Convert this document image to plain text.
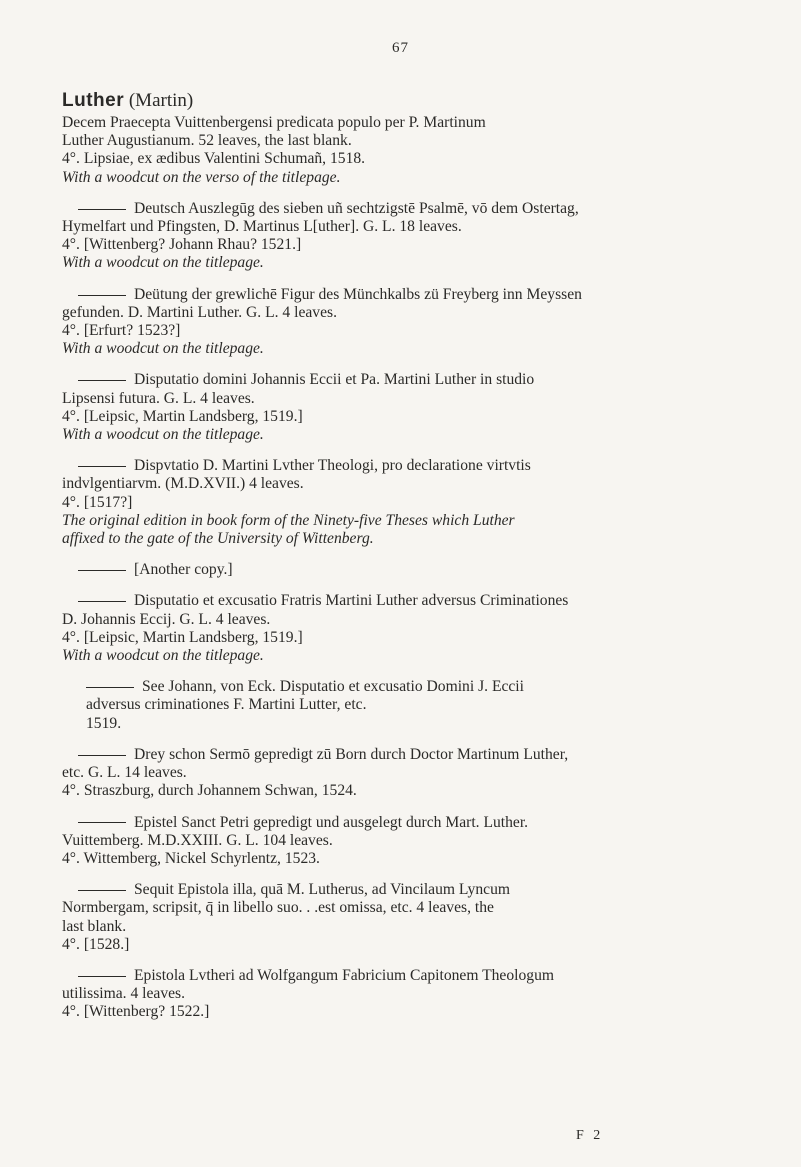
67
Luther (Martin)
Decem Praecepta Vuittenbergensi predicata populo per P. Martinum
Luther Augustianum. 52 leaves, the last blank.
4°. Lipsiae, ex ædibus Valentini Schumañ, 1518.
With a woodcut on the verso of the titlepage.
Deutsch Auszlegūg des sieben uñ sechtzigstē Psalmē, vō dem Ostertag,
Hymelfart und Pfingsten, D. Martinus L[uther]. G. L. 18 leaves.
4°. [Wittenberg? Johann Rhau? 1521.]
With a woodcut on the titlepage.
Deütung der grewlichē Figur des Münchkalbs zü Freyberg inn Meyssen
gefunden. D. Martini Luther. G. L. 4 leaves.
4°. [Erfurt? 1523?]
With a woodcut on the titlepage.
Disputatio domini Johannis Eccii et Pa. Martini Luther in studio
Lipsensi futura. G. L. 4 leaves.
4°. [Leipsic, Martin Landsberg, 1519.]
With a woodcut on the titlepage.
Dispvtatio D. Martini Lvther Theologi, pro declaratione virtvtis
indvlgentiarvm. (M.D.XVII.) 4 leaves.
4°. [1517?]
The original edition in book form of the Ninety-five Theses which Luther
affixed to the gate of the University of Wittenberg.
[Another copy.]
Disputatio et excusatio Fratris Martini Luther adversus Criminationes
D. Johannis Eccij. G. L. 4 leaves.
4°. [Leipsic, Martin Landsberg, 1519.]
With a woodcut on the titlepage.
See Johann, von Eck. Disputatio et excusatio Domini J. Eccii
adversus criminationes F. Martini Lutter, etc.
1519.
Drey schon Sermō gepredigt zū Born durch Doctor Martinum Luther,
etc. G. L. 14 leaves.
4°. Straszburg, durch Johannem Schwan, 1524.
Epistel Sanct Petri gepredigt und ausgelegt durch Mart. Luther.
Vuittemberg. M.D.XXIII. G. L. 104 leaves.
4°. Wittemberg, Nickel Schyrlentz, 1523.
Sequit Epistola illa, quā M. Lutherus, ad Vincilaum Lyncum
Normbergam, scripsit, q̄ in libello suo. . .est omissa, etc. 4 leaves, the
last blank.
4°. [1528.]
Epistola Lvtheri ad Wolfgangum Fabricium Capitonem Theologum
utilissima. 4 leaves.
4°. [Wittenberg? 1522.]
F 2
